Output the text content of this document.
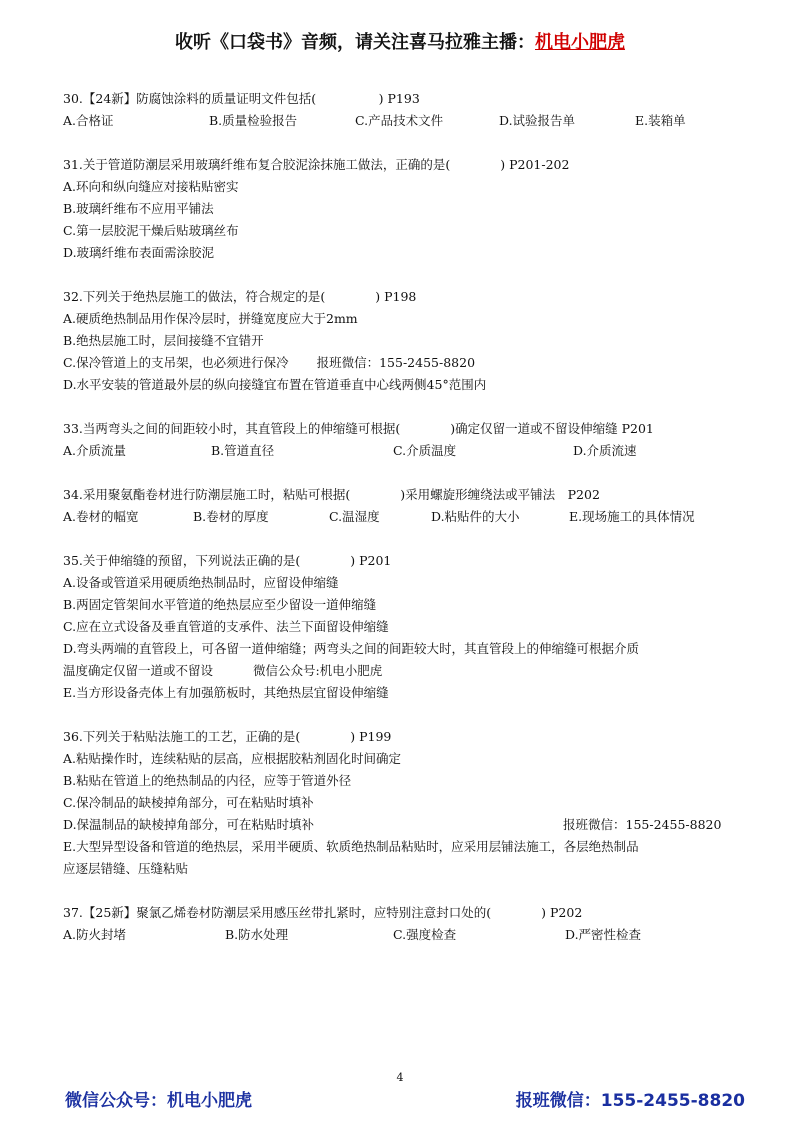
收听《口袋书》音频，请关注喜马拉雅主播：机电小肥虎
30.【24新】防腐蚀涂料的质量证明文件包括(　　　　　) P193
A.合格证	B.质量检验报告	C.产品技术文件	D.试验报告单	E.装箱单
31.关于管道防潮层采用玻璃纤维布复合胶泥涂抹施工做法，正确的是(　　　　) P201-202
A.环向和纵向缝应对接粘贴密实
B.玻璃纤维布不应用平铺法
C.第一层胶泥干燥后贴玻璃丝布
D.玻璃纤维布表面需涂胶泥
32.下列关于绝热层施工的做法，符合规定的是(　　　　) P198
A.硬质绝热制品用作保冷层时，拼缝宽度应大于2mm
B.绝热层施工时，层间接缝不宜错开
C.保冷管道上的支吊架，也必须进行保冷 报班微信：155-2455-8820
D.水平安装的管道最外层的纵向接缝宜布置在管道垂直中心线两侧45°范围内
33.当两弯头之间的间距较小时，其直管段上的伸缩缝可根据(　　　　)确定仅留一道或不留设伸缩缝 P201
A.介质流量	B.管道直径	C.介质温度	D.介质流速
34.采用聚氨酯卷材进行防潮层施工时，粘贴可根据(　　　　)采用螺旋形缠绕法或平铺法　P202
A.卷材的幅宽	B.卷材的厚度	C.温湿度	D.粘贴件的大小	E.现场施工的具体情况
35.关于伸缩缝的预留，下列说法正确的是(　　　　) P201
A.设备或管道采用硬质绝热制品时，应留设伸缩缝
B.两固定管架间水平管道的绝热层应至少留设一道伸缩缝
C.应在立式设备及垂直管道的支承件、法兰下面留设伸缩缝
D.弯头两端的直管段上，可各留一道伸缩缝；两弯头之间的间距较大时，其直管段上的伸缩缝可根据介质
温度确定仅留一道或不留设	微信公众号:机电小肥虎
E.当方形设备壳体上有加强筋板时，其绝热层宜留设伸缩缝
36.下列关于粘贴法施工的工艺，正确的是(　　　　) P199
A.粘贴操作时，连续粘贴的层高，应根据胶粘剂固化时间确定
B.粘贴在管道上的绝热制品的内径，应等于管道外径
C.保冷制品的缺棱掉角部分，可在粘贴时填补
D.保温制品的缺棱掉角部分，可在粘贴时填补	报班微信：155-2455-8820
E.大型异型设备和管道的绝热层，采用半硬质、软质绝热制品粘贴时，应采用层铺法施工，各层绝热制品
应逐层错缝、压缝粘贴
37.【25新】聚氯乙烯卷材防潮层采用感压丝带扎紧时，应特别注意封口处的(　　　　) P202
A.防火封堵	B.防水处理	C.强度检查	D.严密性检查
4
微信公众号：机电小肥虎	报班微信：155-2455-8820
